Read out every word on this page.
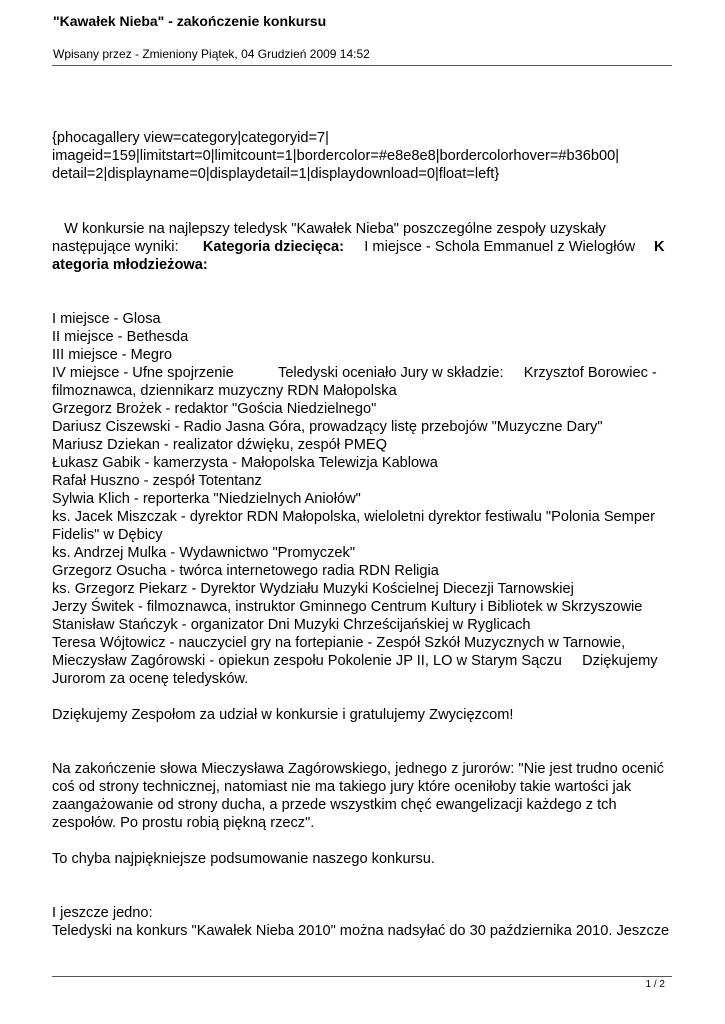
"Kawałek Nieba" - zakończenie konkursu
Wpisany przez - Zmieniony Piątek, 04 Grudzień 2009 14:52
{phocagallery view=category|categoryid=7|
imageid=159|limitstart=0|limitcount=1|bordercolor=#e8e8e8|bordercolorhover=#b36b00|
detail=2|displayname=0|displaydetail=1|displaydownload=0|float=left}
W konkursie na najlepszy teledysk "Kawałek Nieba" poszczególne zespoły uzyskały
następujące wyniki:      Kategoria dziecięca:     I miejsce - Schola Emmanuel z Wielogłów
K
ategoria młodzieżowa:
I miejsce - Glosa
II miejsce - Bethesda
III miejsce - Megro
IV miejsce - Ufne spojrzenie           Teledyski oceniało Jury w składzie:     Krzysztof Borowiec -
filmoznawca, dziennikarz muzyczny RDN Małopolska
Grzegorz Brożek - redaktor "Gościa Niedzielnego"
Dariusz Ciszewski - Radio Jasna Góra, prowadzący listę przebojów "Muzyczne Dary"
Mariusz Dziekan - realizator dźwięku, zespół PMEQ
Łukasz Gabik - kamerzysta - Małopolska Telewizja Kablowa
Rafał Huszno - zespół Totentanz
Sylwia Klich - reporterka "Niedzielnych Aniołów"
ks. Jacek Miszczak - dyrektor RDN Małopolska, wieloletni dyrektor festiwalu "Polonia Semper
Fidelis" w Dębicy
ks. Andrzej Mulka - Wydawnictwo "Promyczek"
Grzegorz Osucha - twórca internetowego radia RDN Religia
ks. Grzegorz Piekarz - Dyrektor Wydziału Muzyki Kościelnej Diecezji Tarnowskiej
Jerzy Świtek - filmoznawca, instruktor Gminnego Centrum Kultury i Bibliotek w Skrzyszowie
Stanisław Stańczyk - organizator Dni Muzyki Chrześcijańskiej w Ryglicach
Teresa Wójtowicz - nauczyciel gry na fortepianie - Zespół Szkół Muzycznych w Tarnowie,
Mieczysław Zagórowski - opiekun zespołu Pokolenie JP II, LO w Starym Sączu     Dziękujemy
Jurorom za ocenę teledysków.
Dziękujemy Zespołom za udział w konkursie i gratulujemy Zwycięzcom!
Na zakończenie słowa Mieczysława Zagórowskiego, jednego z jurorów: "Nie jest trudno ocenić
coś od strony technicznej, natomiast nie ma takiego jury które oceniłoby takie wartości jak
zaangażowanie od strony ducha, a przede wszystkim chęć ewangelizacji każdego z tch
zespołów. Po prostu robią piękną rzecz".
To chyba najpiękniejsze podsumowanie naszego konkursu.
I jeszcze jedno:
Teledyski na konkurs "Kawałek Nieba 2010" można nadsyłać do 30 października 2010. Jeszcze
1 / 2
